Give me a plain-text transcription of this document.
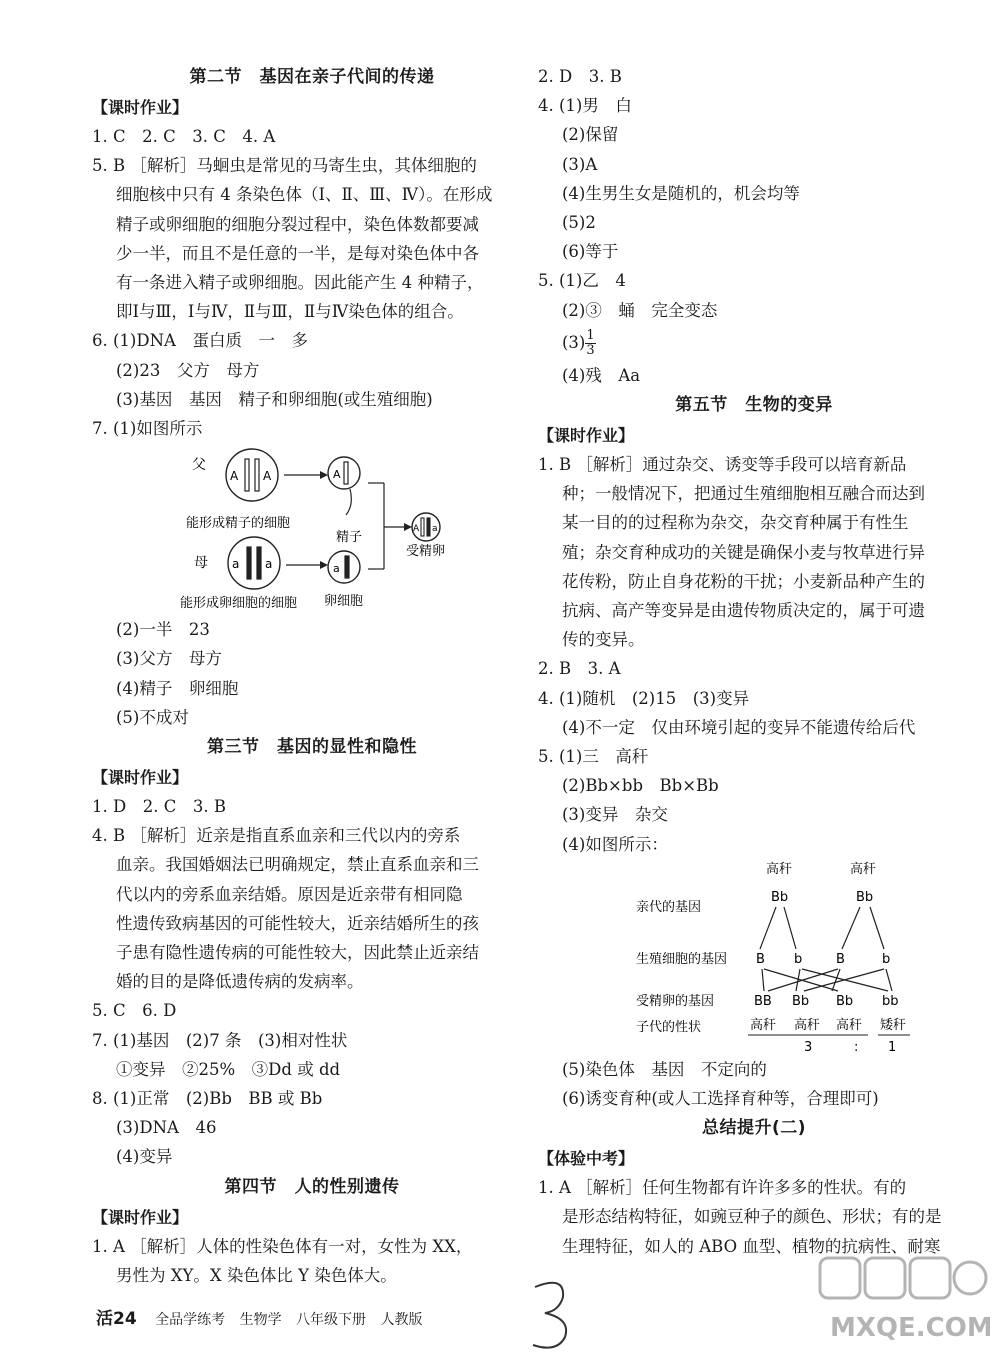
第二节　基因在亲子代间的传递
【课时作业】
1. C　2. C　3. C　4. A
5. B ［解析］马蛔虫是常见的马寄生虫，其体细胞的
细胞核中只有 4 条染色体（Ⅰ、Ⅱ、Ⅲ、Ⅳ）。在形成
精子或卵细胞的细胞分裂过程中，染色体数都要减
少一半，而且不是任意的一半，是每对染色体中各
有一条进入精子或卵细胞。因此能产生 4 种精子，
即Ⅰ与Ⅲ，Ⅰ与Ⅳ，Ⅱ与Ⅲ，Ⅱ与Ⅳ染色体的组合。
6. (1)DNA　蛋白质　一　多
(2)23　父方　母方
(3)基因　基因　精子和卵细胞(或生殖细胞)
7. (1)如图所示
父
A A	A
能形成精子的细胞
精子
A a
受精卵
母 a a	a
能形成卵细胞的细胞 卵细胞
(2)一半　23
(3)父方　母方
(4)精子　卵细胞
(5)不成对
第三节　基因的显性和隐性
【课时作业】
1. D　2. C　3. B
4. B ［解析］近亲是指直系血亲和三代以内的旁系
血亲。我国婚姻法已明确规定，禁止直系血亲和三
代以内的旁系血亲结婚。原因是近亲带有相同隐
性遗传致病基因的可能性较大，近亲结婚所生的孩
子患有隐性遗传病的可能性较大，因此禁止近亲结
婚的目的是降低遗传病的发病率。
5. C　6. D
7. (1)基因　(2)7 条　(3)相对性状
①变异　②25%　③Dd 或 dd
8. (1)正常　(2)Bb　BB 或 Bb
(3)DNA　46
(4)变异
第四节　人的性别遗传
【课时作业】
1. A ［解析］人体的性染色体有一对，女性为 XX，
男性为 XY。X 染色体比 Y 染色体大。
2. D　3. B
4. (1)男　白
(2)保留
(3)A
(4)生男生女是随机的，机会均等
(5)2
(6)等于
5. (1)乙　4
(2)③　蛹　完全变态
$(3) \frac{1}{3}$
(4)残　Aa
第五节　生物的变异
【课时作业】
1. B ［解析］通过杂交、诱变等手段可以培育新品
种；一般情况下，把通过生殖细胞相互融合而达到
某一目的的过程称为杂交，杂交育种属于有性生
殖；杂交育种成功的关键是确保小麦与牧草进行异
花传粉，防止自身花粉的干扰；小麦新品种产生的
抗病、高产等变异是由遗传物质决定的，属于可遗
传的变异。
2. B　3. A
4. (1)随机　(2)15　(3)变异
(4)不一定　仅由环境引起的变异不能遗传给后代
5. (1)三　高秆
(2)Bb×bb　Bb×Bb
(3)变异　杂交
(4)如图所示：
高秆	高秆
亲代的基因
Bb	Bb
生殖细胞的基因 B b	B	b
受精卵的基因	BB Bb Bb bb
子代的性状	高秆 高秆 高秆 矮秆
3	: 1
(5)染色体　基因　不定向的
(6)诱变育种(或人工选择育种等，合理即可)
总结提升(二)
【体验中考】
1. A ［解析］任何生物都有许许多多的性状。有的
是形态结构特征，如豌豆种子的颜色、形状；有的是
生理特征，如人的 ABO 血型、植物的抗病性、耐寒
活24 全品学练考 生物学 八年级下册 人教版	MXQE.COM
